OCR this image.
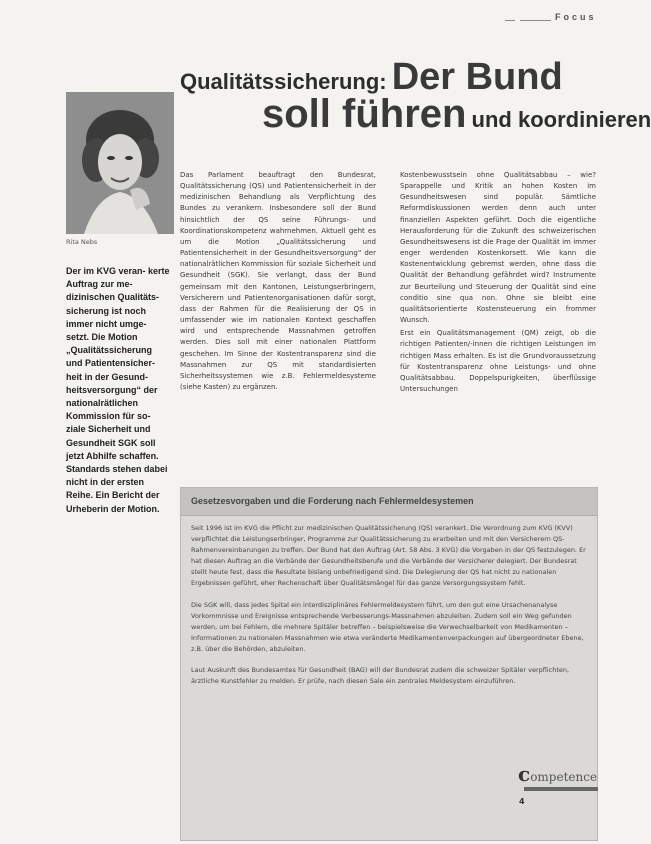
Focus
Qualitätssicherung: Der Bund
soll führen und koordinieren
Rita Nebs
Der im KVG veran- kerte Auftrag zur me- dizinischen Qualitäts- sicherung ist noch immer nicht umge- setzt. Die Motion „Qualitätssicherung und Patientensicher- heit in der Gesund- heitsversorgung“ der nationalrätlichen Kommission für so- ziale Sicherheit und Gesundheit SGK soll jetzt Abhilfe schaffen. Standards stehen dabei nicht in der ersten Reihe. Ein Bericht der Urheberin der Motion.

Das Parlament beauftragt den Bundesrat, Qualitätssicherung (QS) und Patientensicherheit in der medizinischen Behandlung als Verpflichtung des Bundes zu verankern. Insbesondere soll der Bund hinsichtlich der QS seine Führungs- und Koordinationskompetenz wahrnehmen. Aktuell geht es um die Motion „Qualitätssicherung und Patientensicherheit in der Gesundheitsversorgung“ der nationalrätlichen Kommission für soziale Sicherheit und Gesundheit (SGK). Sie verlangt, dass der Bund gemeinsam mit den Kantonen, Leistungserbringern, Versicherern und Patientenorganisationen dafür sorgt, dass der Rahmen für die Realisierung der QS in umfassender wie im nationalen Kontext geschaffen wird und entsprechende Massnahmen getroffen werden. Dies soll mit einer nationalen Plattform geschehen. Im Sinne der Kostentransparenz sind die Massnahmen zur QS mit standardisierten Sicherheitssystemen wie z.B. Fehlermeldesysteme (siehe Kasten) zu ergänzen.

Kostenbewusstsein ohne Qualitätsabbau – wie? Sparappelle und Kritik an hohen Kosten im Gesundheitswesen sind populär. Sämtliche Reformdiskussionen werden denn auch unter finanziellen Aspekten geführt. Doch die eigentliche Herausforderung für die Zukunft des schweizerischen Gesundheitswesens ist die Frage der Qualität im immer enger werdenden Kostenkorsett. Wie kann die Kostenentwicklung gebremst werden, ohne dass die Qualität der Behandlung gefährdet wird? Instrumente zur Beurteilung und Steuerung der Qualität sind eine conditio sine qua non. Ohne sie bleibt eine qualitätsorientierte Kostensteuerung ein frommer Wunsch.

Erst ein Qualitätsmanagement (QM) zeigt, ob die richtigen Patienten/-innen die richtigen Leistungen im richtigen Mass erhalten. Es ist die Grundvoraussetzung für Kostentransparenz ohne Leistungs- und ohne Qualitätsabbau. Doppelspurigkeiten, überflüssige Untersuchungen

Gesetzesvorgaben und die Forderung nach Fehlermeldesystemen

Seit 1996 ist im KVG die Pflicht zur medizinischen Qualitätssicherung (QS) verankert. Die Verordnung zum KVG (KVV) verpflichtet die Leistungserbringer, Programme zur Qualitätssicherung zu erarbeiten und mit den Versicherern QS-Rahmenvereinbarungen zu treffen. Der Bund hat den Auftrag (Art. 58 Abs. 3 KVG) die Vorgaben in der QS festzulegen. Er hat diesen Auftrag an die Verbände der Gesundheitsberufe und die Verbände der Versicherer delegiert. Der Bundesrat stellt heute fest, dass die Resultate bislang unbefriedigend sind. Die Delegierung der QS hat nicht zu nationalen Ergebnissen geführt, eher Rechenschaft über Qualitätsmängel für das ganze Versorgungssystem fehlt.

Die SGK will, dass jedes Spital ein interdisziplinäres Fehlermeldesystem führt, um den gut eine Ursachenanalyse Vorkommnisse und Ereignisse entsprechende Verbesserungs-Massnahmen abzuleiten. Zudem soll ein Weg gefunden werden, um bei Fehlern, die mehrere Spitäler betreffen – beispielsweise die Verwechselbarkeit von Medikamenten – Informationen zu nationalen Massnahmen wie etwa veränderte Medikamentenverpackungen auf übergeordneter Ebene, z.B. über die Behörden, abzuleiten.

Laut Auskunft des Bundesamtes für Gesundheit (BAG) will der Bundesrat zudem die schweizer Spitäler verpflichten, ärztliche Kunstfehler zu melden. Er prüfe, nach diesen Sale ein zentrales Meldesystem einzuführen.

competence
4
